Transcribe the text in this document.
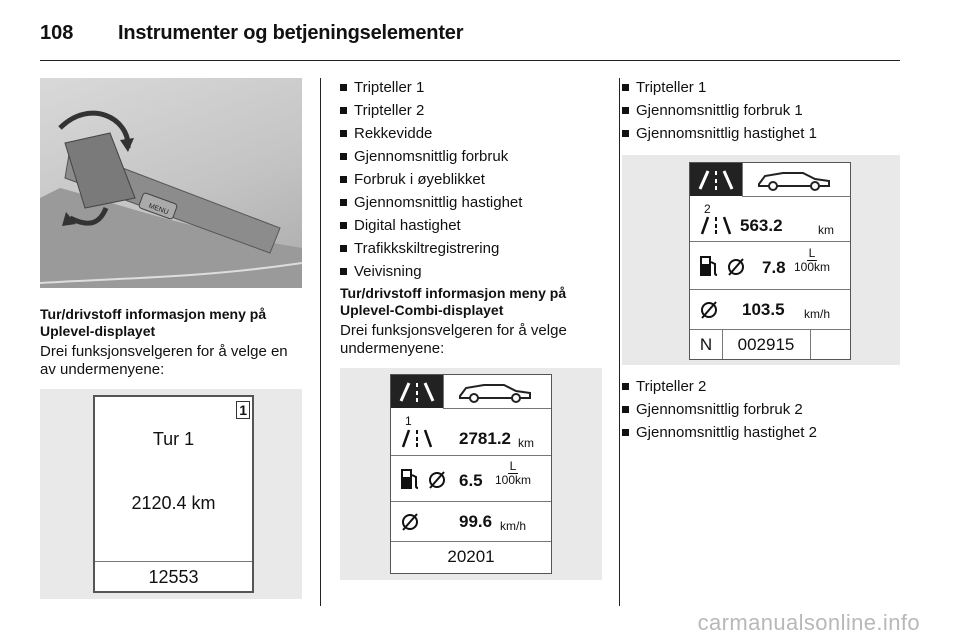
108	Instrumenter og betjeningselementer
MENU

Tur/drivstoff informasjon meny på Uplevel-displayet

Drei funksjonsvelgeren for å velge en av undermenyene:

1
Tur 1
2120.4 km
12553
Tripteller 1
Tripteller 2
Rekkevidde
Gjennomsnittlig forbruk
Forbruk i øyeblikket
Gjennomsnittlig hastighet
Digital hastighet
Trafikkskiltregistrering
Veivisning

Tur/drivstoff informasjon meny på Uplevel-Combi-displayet

Drei funksjonsvelgeren for å velge undermenyene:

1
2781.2 km
6.5
L
100km
99.6 km/h
20201
Tripteller 1
Gjennomsnittlig forbruk 1
Gjennomsnittlig hastighet 1
2
563.2	km
7.8
L
100km
103.5 km/h
N	002915
Tripteller 2
Gjennomsnittlig forbruk 2
Gjennomsnittlig hastighet 2
carmanualsonline.info
